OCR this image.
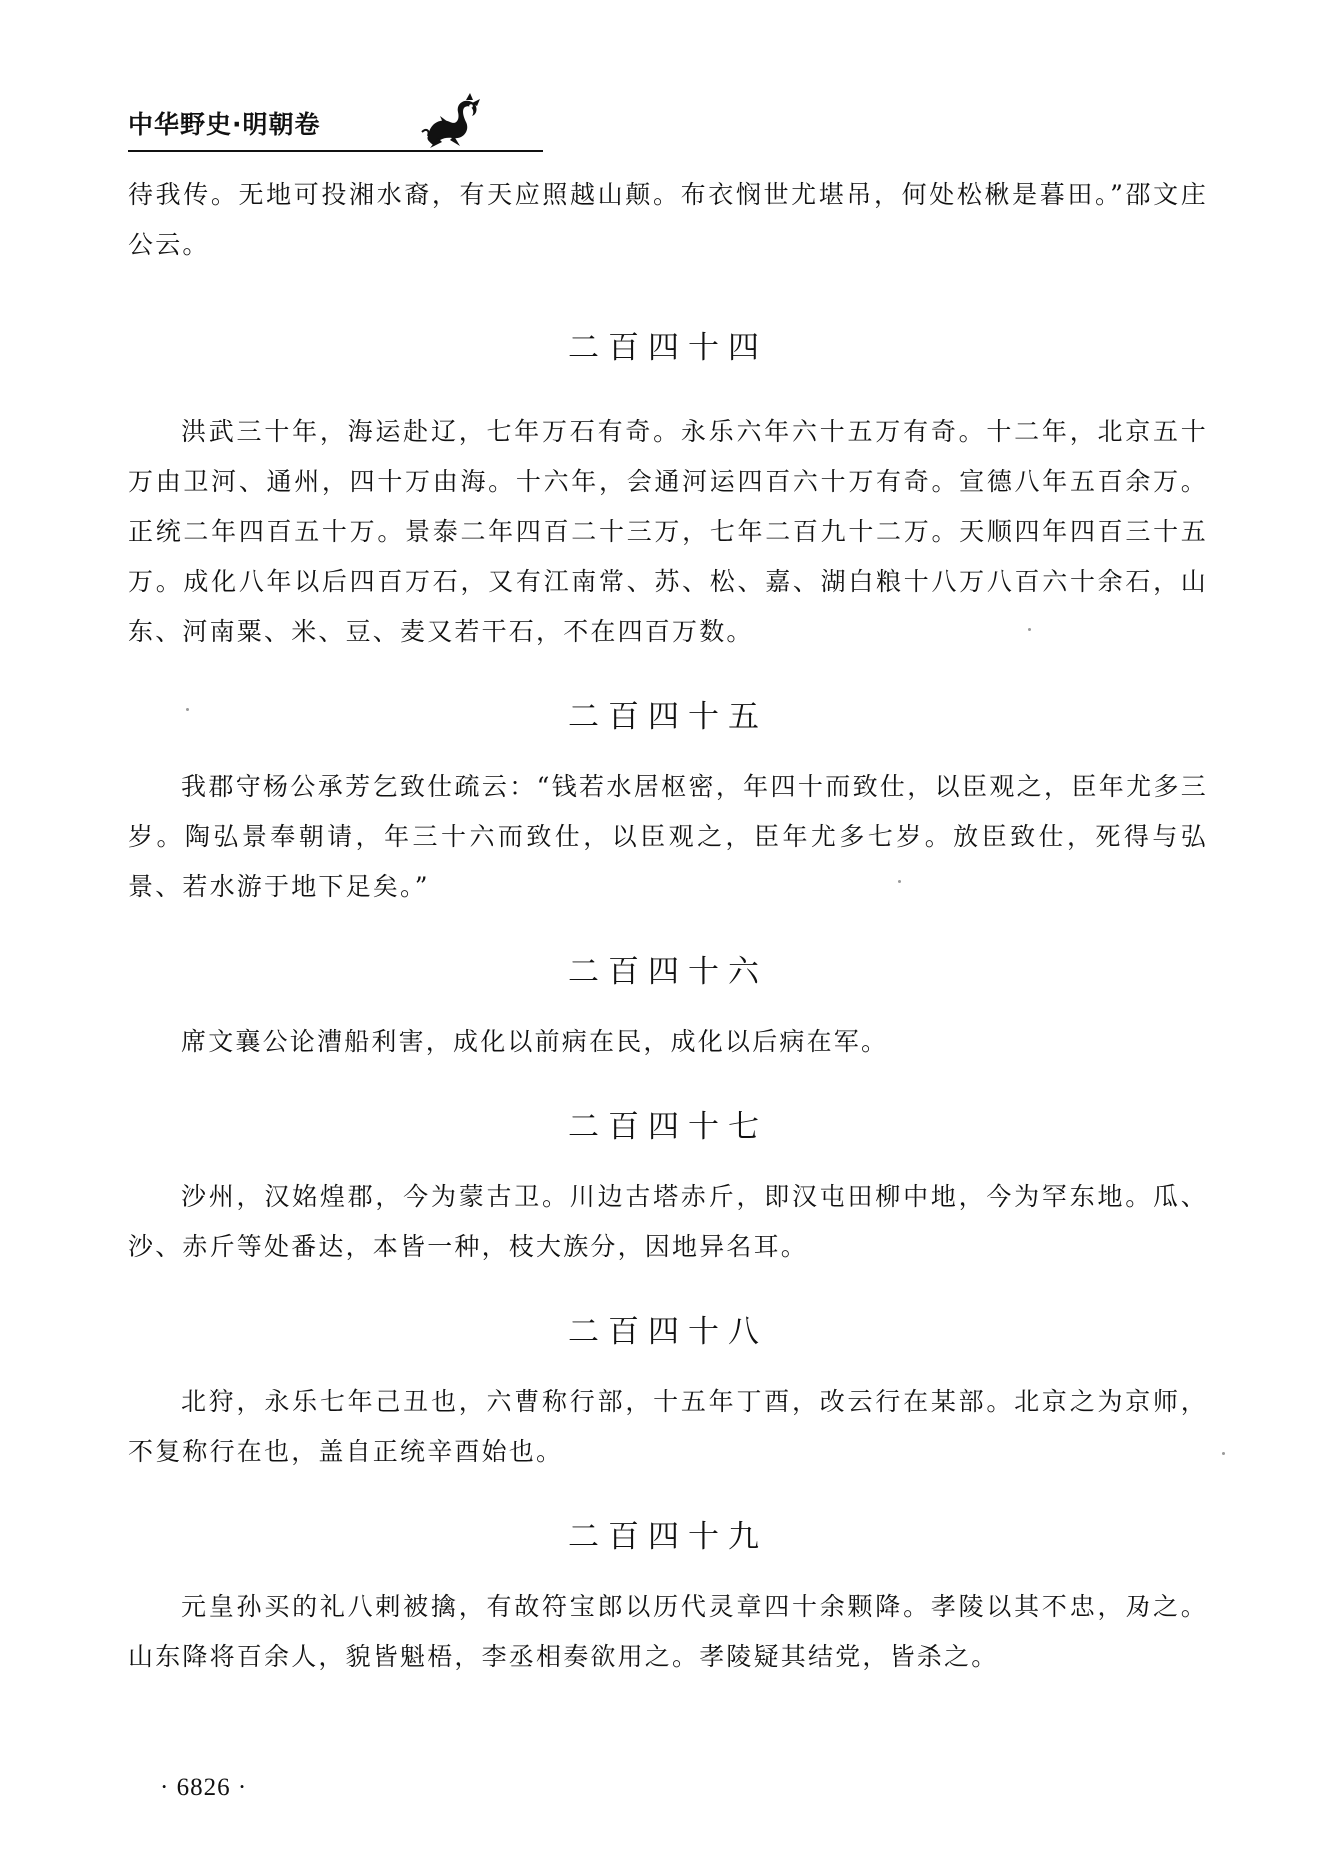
中华野史·明朝卷

待我传。无地可投湘水裔，有天应照越山颠。布衣悯世尤堪吊，何处松楸是暮田。”邵文庄公云。

二百四十四

洪武三十年，海运赴辽，七年万石有奇。永乐六年六十五万有奇。十二年，北京五十万由卫河、通州，四十万由海。十六年，会通河运四百六十万有奇。宣德八年五百余万。正统二年四百五十万。景泰二年四百二十三万，七年二百九十二万。天顺四年四百三十五万。成化八年以后四百万石，又有江南常、苏、松、嘉、湖白粮十八万八百六十余石，山东、河南粟、米、豆、麦又若干石，不在四百万数。

二百四十五

我郡守杨公承芳乞致仕疏云：“钱若水居枢密，年四十而致仕，以臣观之，臣年尤多三岁。陶弘景奉朝请，年三十六而致仕，以臣观之，臣年尤多七岁。放臣致仕，死得与弘景、若水游于地下足矣。”

二百四十六

席文襄公论漕船利害，成化以前病在民，成化以后病在军。

二百四十七

沙州，汉姳煌郡，今为蒙古卫。川边古塔赤斤，即汉屯田柳中地，今为罕东地。瓜、沙、赤斤等处番达，本皆一种，枝大族分，因地异名耳。

二百四十八

北狩，永乐七年己丑也，六曹称行部，十五年丁酉，改云行在某部。北京之为京师，不复称行在也，盖自正统辛酉始也。

二百四十九

元皇孙买的礼八剌被擒，有故符宝郎以历代灵章四十余颗降。孝陵以其不忠，夃之。山东降将百余人，貌皆魁梧，李丞相奏欲用之。孝陵疑其结党，皆杀之。

· 6826 ·
